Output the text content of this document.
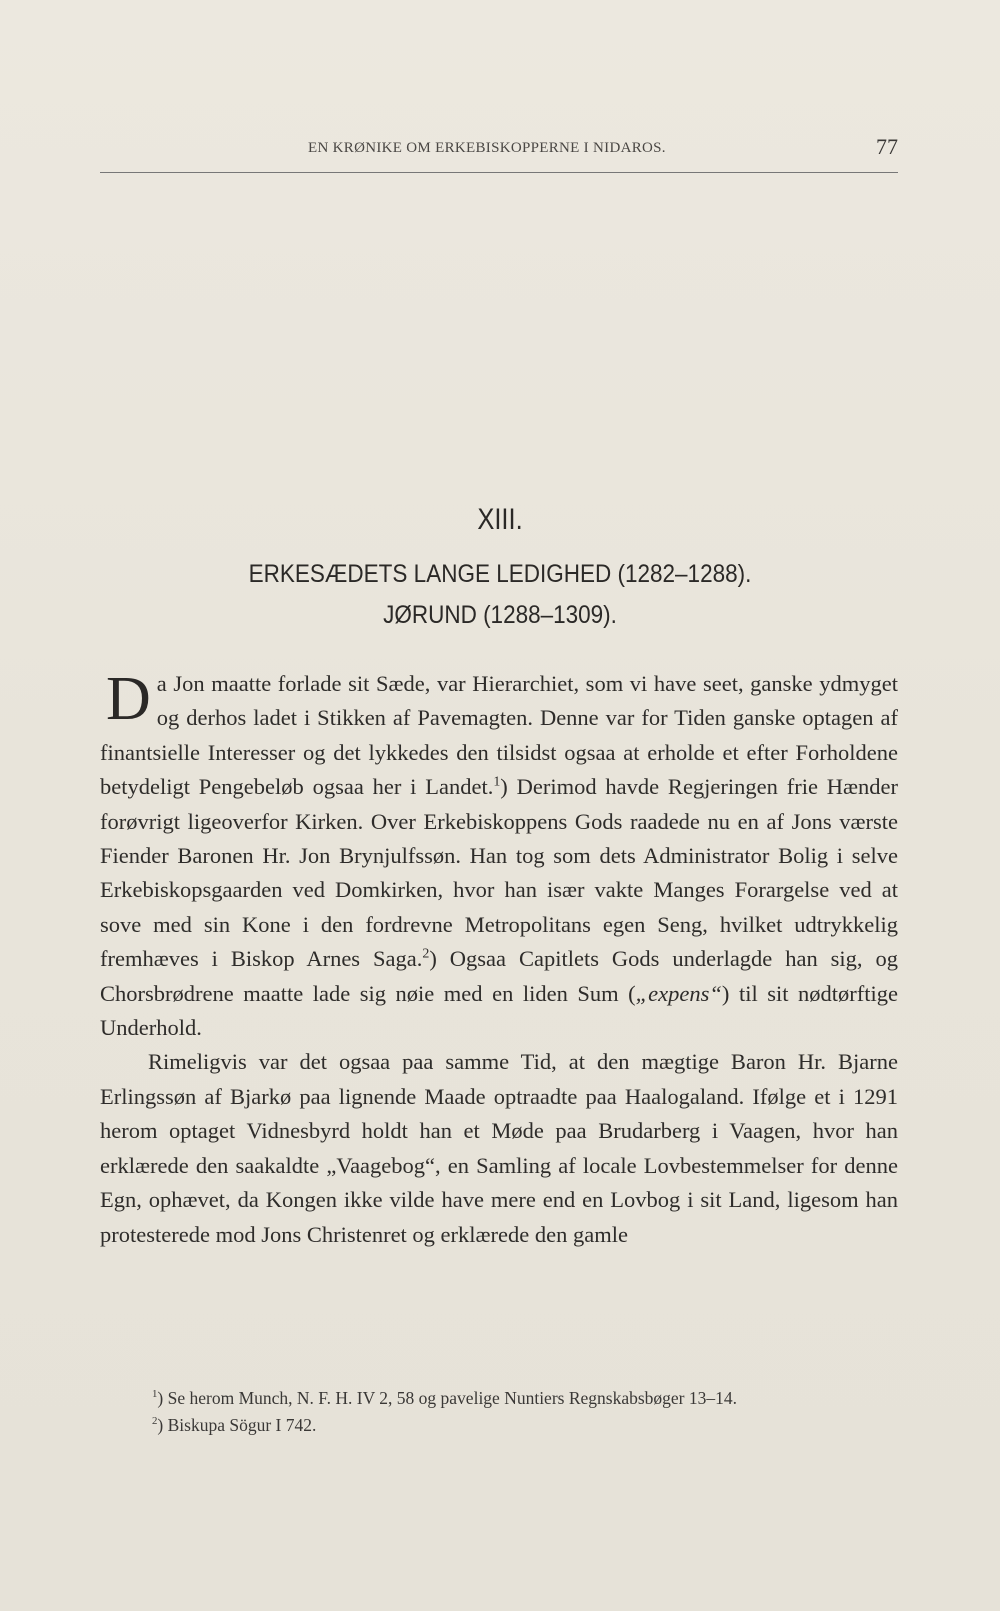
EN KRØNIKE OM ERKEBISKOPPERNE I NIDAROS.	77
XIII.
ERKESÆDETS LANGE LEDIGHED (1282–1288).
JØRUND (1288–1309).

Da Jon maatte forlade sit Sæde, var Hierarchiet, som vi have seet, ganske ydmyget og derhos ladet i Stikken af Pavemagten. Denne var for Tiden ganske optagen af finantsielle Interesser og det lykkedes den tilsidst ogsaa at erholde et efter Forholdene betydeligt Pengebeløb ogsaa her i Landet.$^1$) Derimod havde Regjeringen frie Hænder forøvrigt ligeoverfor Kirken. Over Erkebiskoppens Gods raadede nu en af Jons værste Fiender Baronen Hr. Jon Brynjulfssøn. Han tog som dets Administrator Bolig i selve Erkebiskopsgaarden ved Domkirken, hvor han især vakte Manges Forargelse ved at sove med sin Kone i den fordrevne Metropolitans egen Seng, hvilket udtrykkelig fremhæves i Biskop Arnes Saga.$^2$) Ogsaa Capitlets Gods underlagde han sig, og Chorsbrødrene maatte lade sig nøie med en liden Sum („expens“) til sit nødtørftige Underhold.

Rimeligvis var det ogsaa paa samme Tid, at den mægtige Baron Hr. Bjarne Erlingssøn af Bjarkø paa lignende Maade optraadte paa Haalogaland. Ifølge et i 1291 herom optaget Vidnesbyrd holdt han et Møde paa Brudarberg i Vaagen, hvor han erklærede den saakaldte „Vaagebog“, en Samling af locale Lovbestemmelser for denne Egn, ophævet, da Kongen ikke vilde have mere end en Lovbog i sit Land, ligesom han protesterede mod Jons Christenret og erklærede den gamle

$^1$) Se herom Munch, N. F. H. IV 2, 58 og pavelige Nuntiers Regnskabsbøger 13–14.

$^2$) Biskupa Sögur I 742.
